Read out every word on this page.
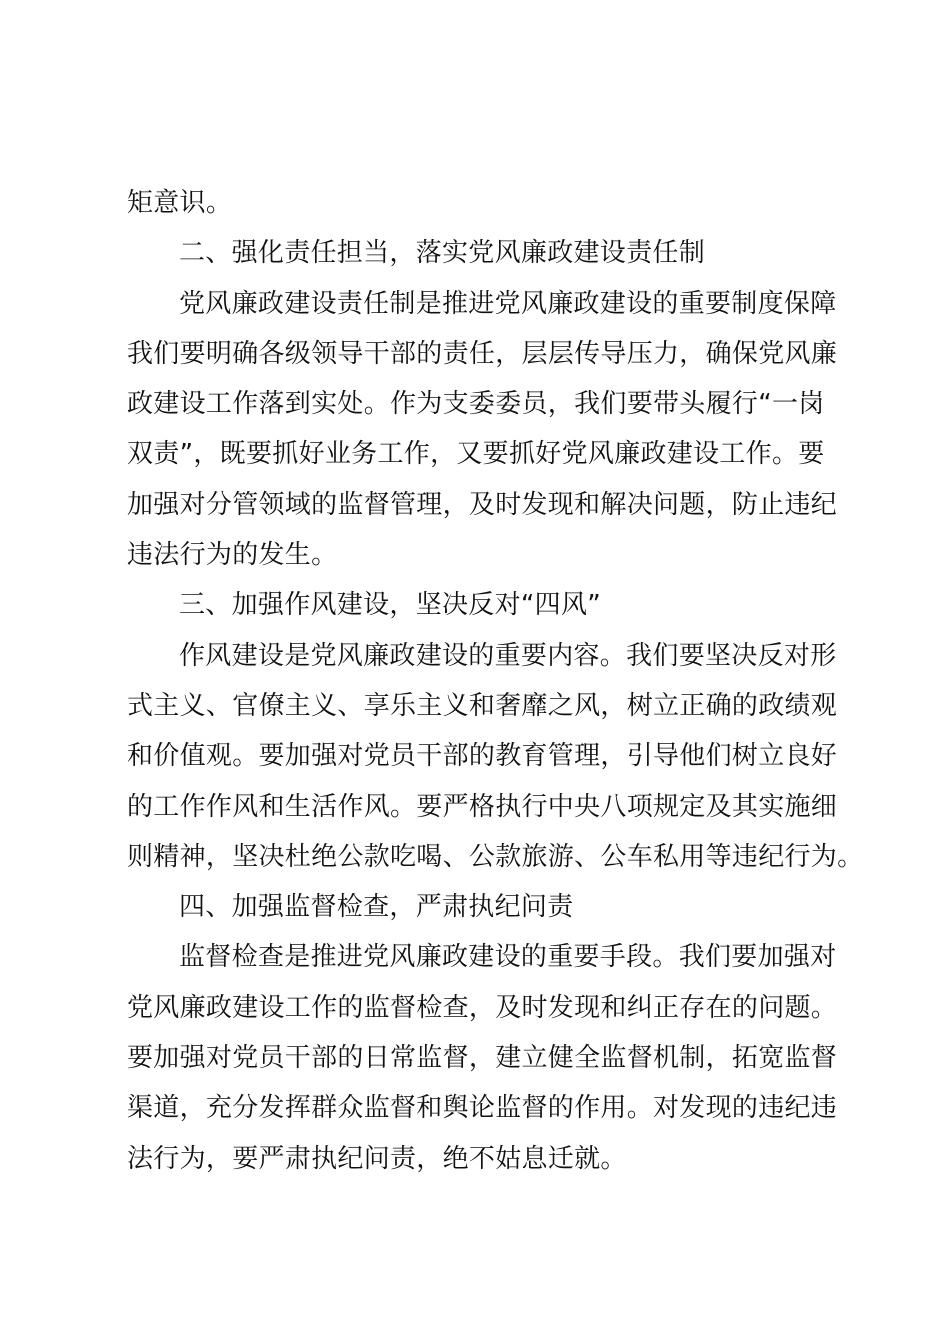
矩意识。
二、强化责任担当，落实党风廉政建设责任制
党风廉政建设责任制是推进党风廉政建设的重要制度保障
我们要明确各级领导干部的责任，层层传导压力，确保党风廉
政建设工作落到实处。作为支委委员，我们要带头履行“一岗
双责”，既要抓好业务工作，又要抓好党风廉政建设工作。要
加强对分管领域的监督管理，及时发现和解决问题，防止违纪
违法行为的发生。
三、加强作风建设，坚决反对“四风”
作风建设是党风廉政建设的重要内容。我们要坚决反对形
式主义、官僚主义、享乐主义和奢靡之风，树立正确的政绩观
和价值观。要加强对党员干部的教育管理，引导他们树立良好
的工作作风和生活作风。要严格执行中央八项规定及其实施细
则精神，坚决杜绝公款吃喝、公款旅游、公车私用等违纪行为。
四、加强监督检查，严肃执纪问责
监督检查是推进党风廉政建设的重要手段。我们要加强对
党风廉政建设工作的监督检查，及时发现和纠正存在的问题。
要加强对党员干部的日常监督，建立健全监督机制，拓宽监督
渠道，充分发挥群众监督和舆论监督的作用。对发现的违纪违
法行为，要严肃执纪问责，绝不姑息迁就。
